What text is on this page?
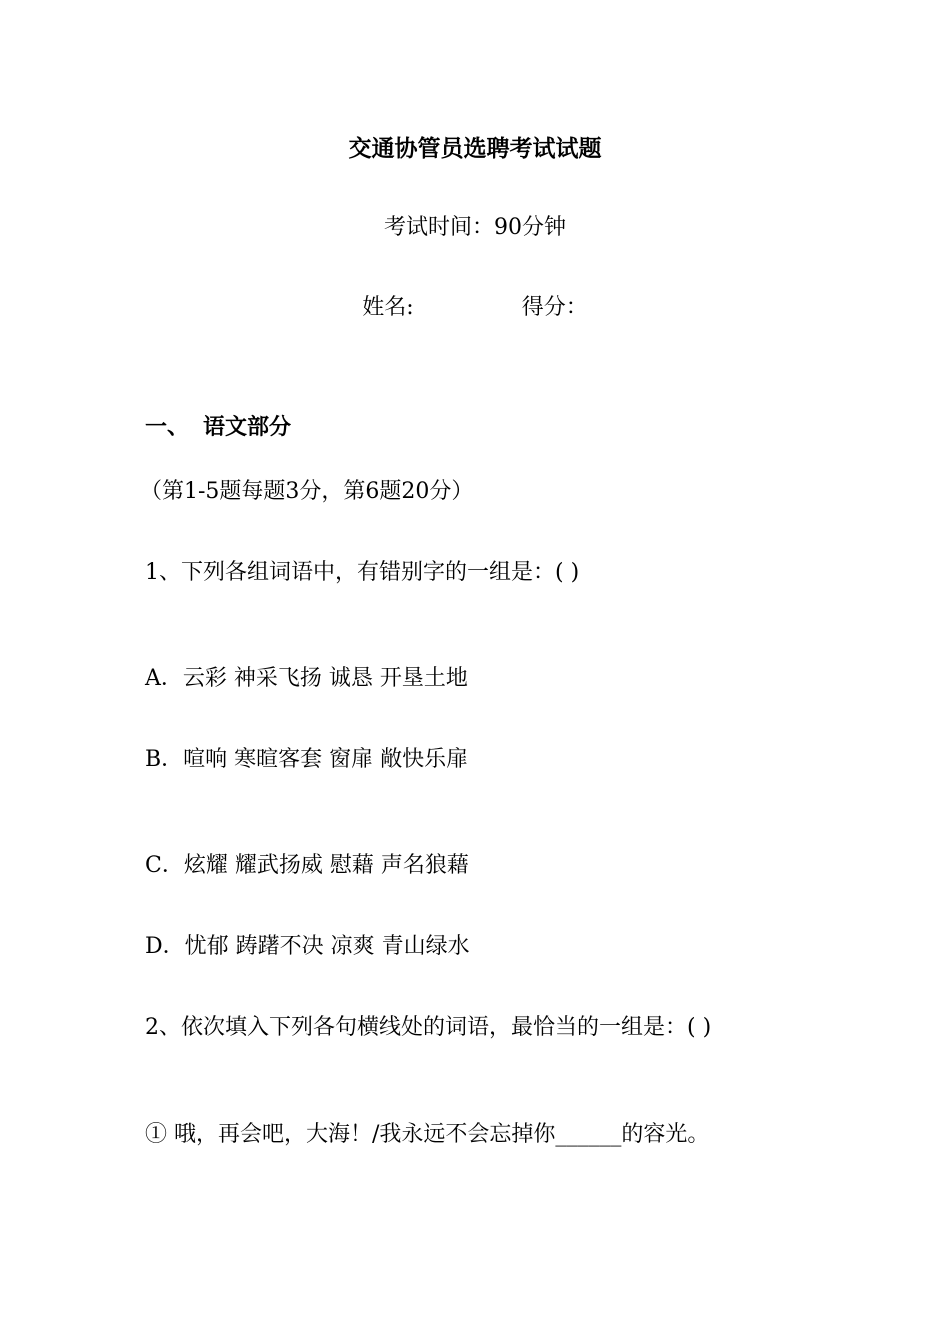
交通协管员选聘考试试题
考试时间：90分钟
姓名:	得分：
一、 语文部分
（第1-5题每题3分，第6题20分）
1、下列各组词语中，有错别字的一组是：( )
A．云彩 神采飞扬 诚恳 开垦土地
B．喧响 寒暄客套 窗扉 敞快乐扉
C．炫耀 耀武扬威 慰藉 声名狼藉
D．忧郁 踌躇不决 凉爽 青山绿水
2、依次填入下列各句横线处的词语，最恰当的一组是：( )
① 哦，再会吧，大海！/我永远不会忘掉你______的容光。
